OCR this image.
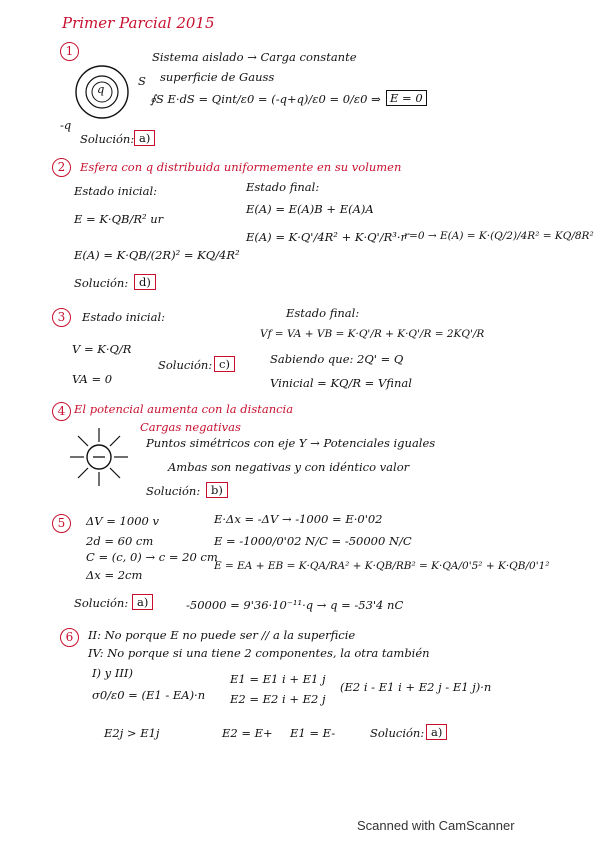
Primer Parcial 2015
1	Sistema aislado → Carga constante
superficie de Gauss
q
S
-q
∮S E·dS = Qint/ε0 = (-q+q)/ε0 = 0/ε0 ⇒ E = 0
Solución: a)
2	Esfera con q distribuida uniformemente en su volumen
Estado inicial:
E = K·QB/R² ur
E(A) = K·QB/(2R)² = KQ/4R²
Estado final:
E(A) = E(A)B + E(A)A
E(A) = K·Q'/4R² + K·Q'/R³·r
r=0 → E(A) = K·(Q/2)/4R² = KQ/8R²
Solución: d)
3	Estado inicial:
V = K·Q/R
VA = 0
Solución: c)
Estado final:
Vf = VA + VB = K·Q'/R + K·Q'/R = 2KQ'/R
Sabiendo que: 2Q' = Q
Vinicial = KQ/R = Vfinal
4 El potencial aumenta con la distancia
Cargas negativas
Puntos simétricos con eje Y → Potenciales iguales
Ambas son negativas y con idéntico valor
Solución: b)
5	ΔV = 1000 v
2d = 60 cm
C = (c, 0) → c = 20 cm
Δx = 2cm
E·Δx = -ΔV → -1000 = E·0'02
E = -1000/0'02 N/C = -50000 N/C
E = EA + EB = K·QA/RA² + K·QB/RB² = K·QA/0'5² + K·QB/0'1²
Solución: a)	-50000 = 9'36·10⁻¹¹·q → q = -53'4 nC
6	II: No porque E no puede ser // a la superficie
IV: No porque si una tiene 2 componentes, la otra también
I) y III)
σ0/ε0 = (E1 - EA)·n
E1 = E1 i + E1 j
E2 = E2 i + E2 j
(E2 i - E1 i + E2 j - E1 j)·n
E2j > E1j	E2 = E+ E1 = E-	Solución: a)
Scanned with CamScanner
